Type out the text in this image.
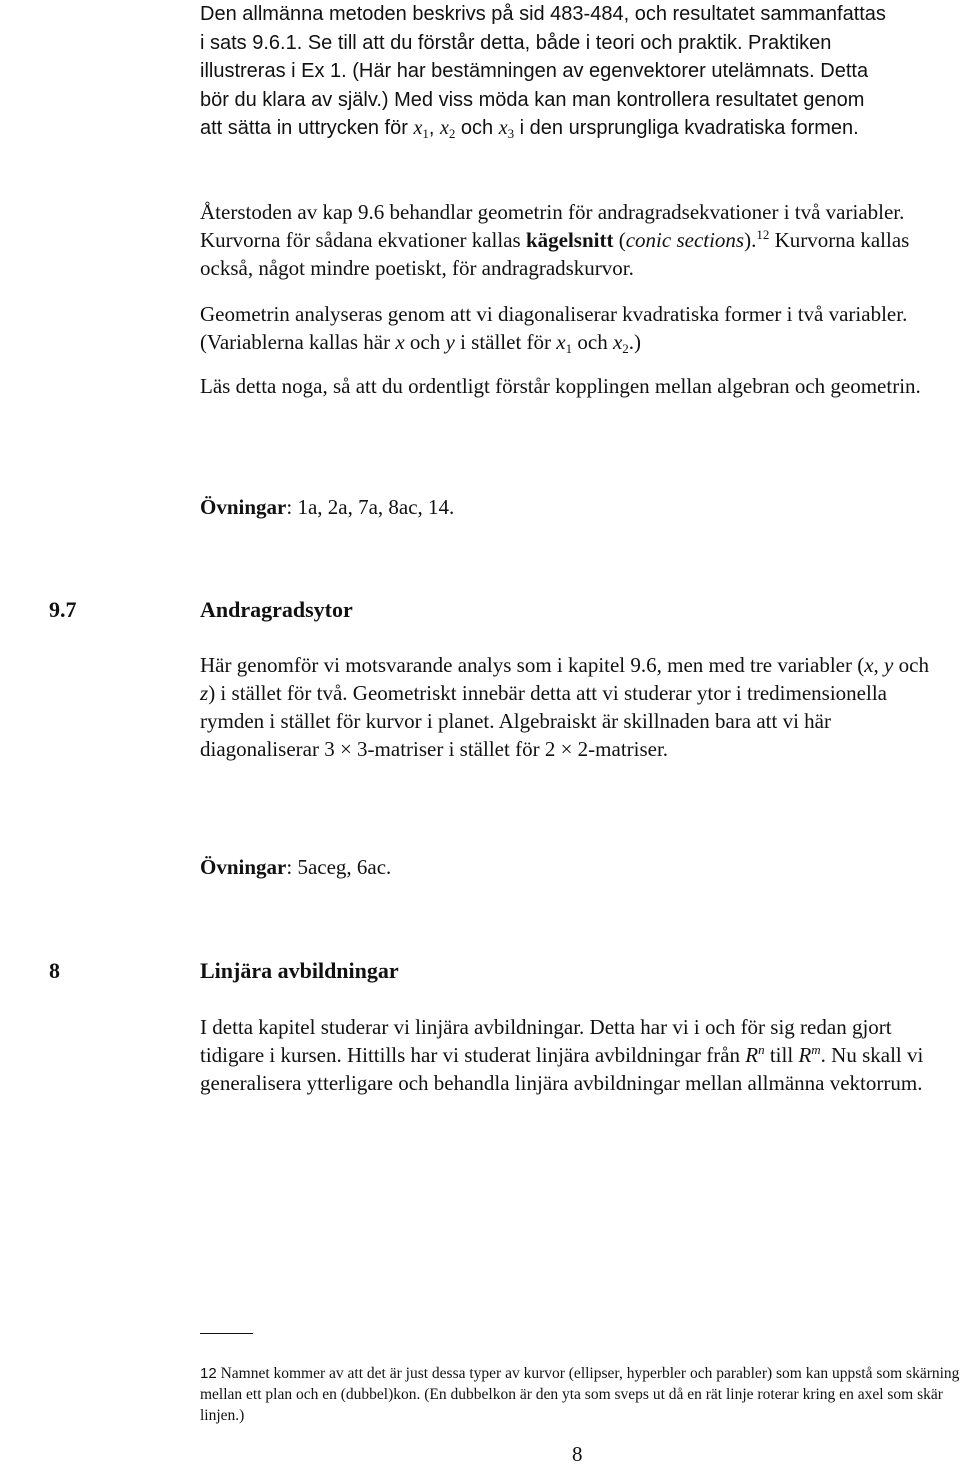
Den allmänna metoden beskrivs på sid 483-484, och resultatet sammanfattas
i sats 9.6.1. Se till att du förstår detta, både i teori och praktik. Praktiken
illustreras i Ex 1. (Här har bestämningen av egenvektorer utelämnats. Detta
bör du klara av själv.) Med viss möda kan man kontrollera resultatet genom
att sätta in uttrycken för $x_1$, $x_2$ och $x_3$ i den ursprungliga kvadratiska formen.

Återstoden av kap 9.6 behandlar geometrin för andragradsekvationer i två variabler. Kurvorna för sådana ekvationer kallas kägelsnitt (conic sections).$^{12}$ Kurvorna kallas också, något mindre poetiskt, för andragradskurvor.

Geometrin analyseras genom att vi diagonaliserar kvadratiska former i två variabler. (Variablerna kallas här x och y i stället för $x_1$ och $x_2$.)

Läs detta noga, så att du ordentligt förstår kopplingen mellan algebran och geometrin.

Övningar: 1a, 2a, 7a, 8ac, 14.
9.7	Andragradsytor

Här genomför vi motsvarande analys som i kapitel 9.6, men med tre variabler (x, y och z) i stället för två. Geometriskt innebär detta att vi studerar ytor i tredimensionella rymden i stället för kurvor i planet. Algebraiskt är skillnaden bara att vi här diagonaliserar 3 × 3-matriser i stället för 2 × 2-matriser.

Övningar: 5aceg, 6ac.
8	Linjära avbildningar

I detta kapitel studerar vi linjära avbildningar. Detta har vi i och för sig redan gjort tidigare i kursen. Hittills har vi studerat linjära avbildningar från $R^n$ till $R^m$. Nu skall vi generalisera ytterligare och behandla linjära avbildningar mellan allmänna vektorrum.

12 Namnet kommer av att det är just dessa typer av kurvor (ellipser, hyperbler och parabler) som kan uppstå som skärning mellan ett plan och en (dubbel)kon. (En dubbelkon är den yta som sveps ut då en rät linje roterar kring en axel som skär linjen.)
8
